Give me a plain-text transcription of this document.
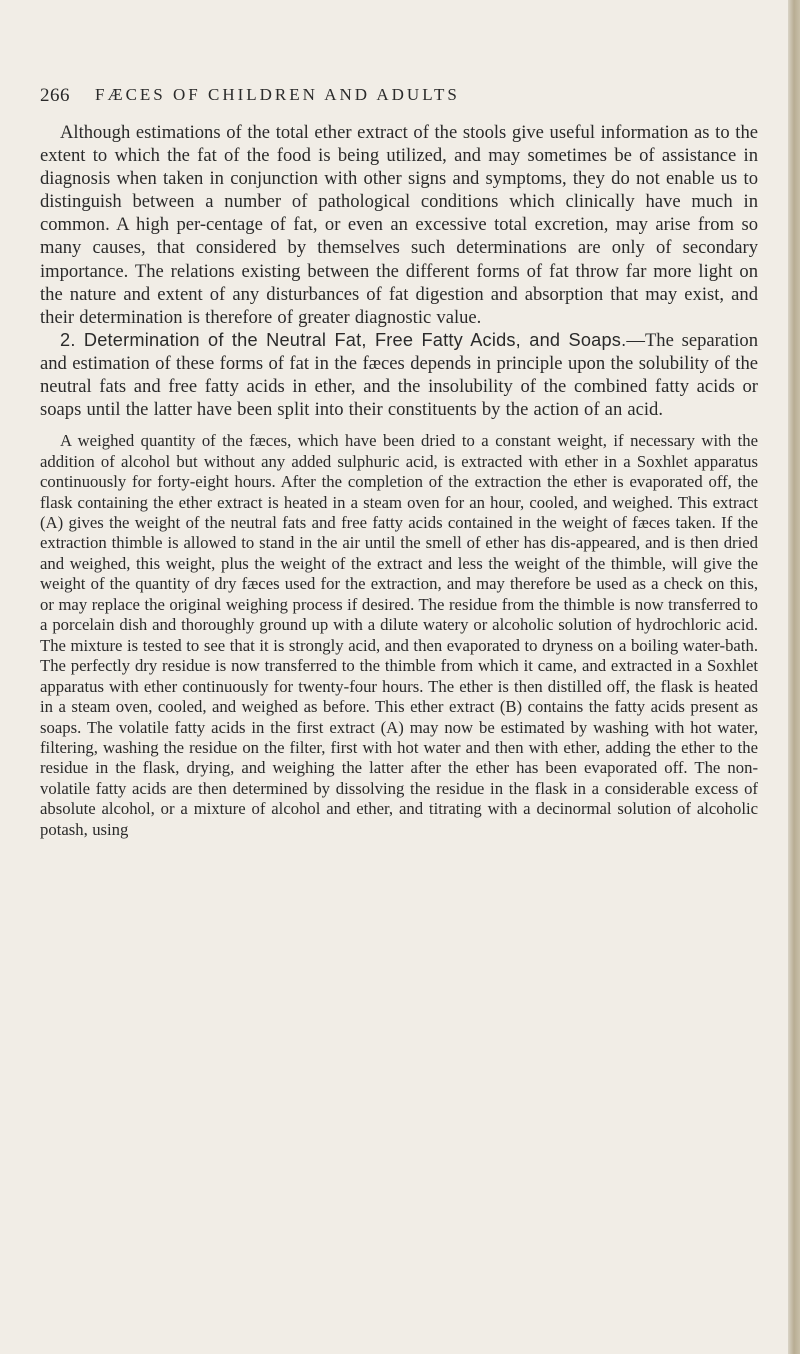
266 FÆCES OF CHILDREN AND ADULTS

Although estimations of the total ether extract of the stools give useful information as to the extent to which the fat of the food is being utilized, and may sometimes be of assistance in diagnosis when taken in conjunction with other signs and symptoms, they do not enable us to distinguish between a number of pathological conditions which clinically have much in common. A high per-centage of fat, or even an excessive total excretion, may arise from so many causes, that considered by themselves such determinations are only of secondary importance. The relations existing between the different forms of fat throw far more light on the nature and extent of any disturbances of fat digestion and absorption that may exist, and their determination is therefore of greater diagnostic value.

2. Determination of the Neutral Fat, Free Fatty Acids, and Soaps.—The separation and estimation of these forms of fat in the fæces depends in principle upon the solubility of the neutral fats and free fatty acids in ether, and the insolubility of the combined fatty acids or soaps until the latter have been split into their constituents by the action of an acid.

A weighed quantity of the fæces, which have been dried to a constant weight, if necessary with the addition of alcohol but without any added sulphuric acid, is extracted with ether in a Soxhlet apparatus continuously for forty-eight hours. After the completion of the extraction the ether is evaporated off, the flask containing the ether extract is heated in a steam oven for an hour, cooled, and weighed. This extract (A) gives the weight of the neutral fats and free fatty acids contained in the weight of fæces taken. If the extraction thimble is allowed to stand in the air until the smell of ether has dis-appeared, and is then dried and weighed, this weight, plus the weight of the extract and less the weight of the thimble, will give the weight of the quantity of dry fæces used for the extraction, and may therefore be used as a check on this, or may replace the original weighing process if desired. The residue from the thimble is now transferred to a porcelain dish and thoroughly ground up with a dilute watery or alcoholic solution of hydrochloric acid. The mixture is tested to see that it is strongly acid, and then evaporated to dryness on a boiling water-bath. The perfectly dry residue is now transferred to the thimble from which it came, and extracted in a Soxhlet apparatus with ether continuously for twenty-four hours. The ether is then distilled off, the flask is heated in a steam oven, cooled, and weighed as before. This ether extract (B) contains the fatty acids present as soaps. The volatile fatty acids in the first extract (A) may now be estimated by washing with hot water, filtering, washing the residue on the filter, first with hot water and then with ether, adding the ether to the residue in the flask, drying, and weighing the latter after the ether has been evaporated off. The non-volatile fatty acids are then determined by dissolving the residue in the flask in a considerable excess of absolute alcohol, or a mixture of alcohol and ether, and titrating with a decinormal solution of alcoholic potash, using
